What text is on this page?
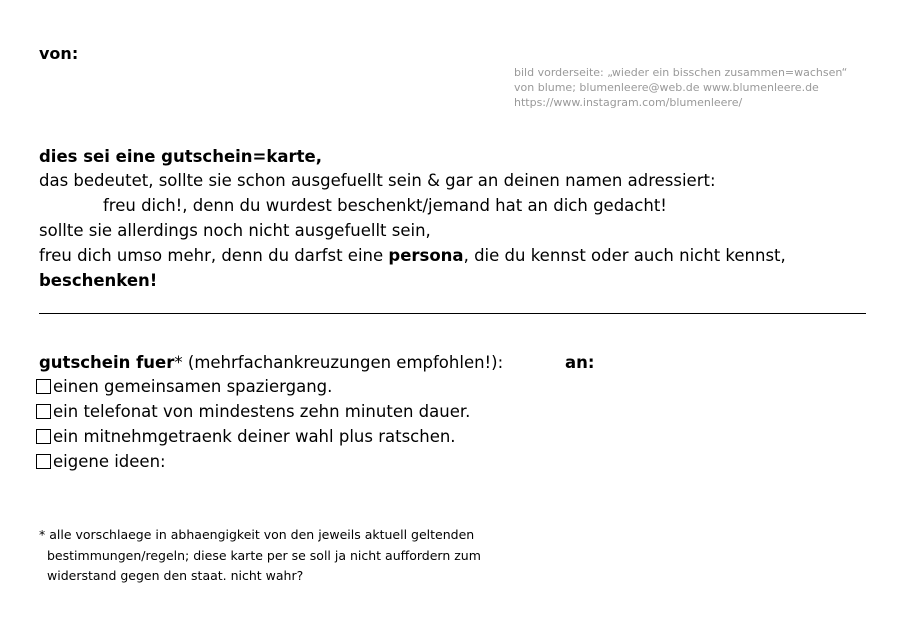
von:
bild vorderseite: „wieder ein bisschen zusammen=wachsen“
von blume; blumenleere@web.de www.blumenleere.de
https://www.instagram.com/blumenleere/
dies sei eine gutschein=karte,
das bedeutet, sollte sie schon ausgefuellt sein & gar an deinen namen adressiert:
freu dich!, denn du wurdest beschenkt/jemand hat an dich gedacht!
sollte sie allerdings noch nicht ausgefuellt sein,
freu dich umso mehr, denn du darfst eine persona, die du kennst oder auch nicht kennst,
beschenken!
gutschein fuer* (mehrfachankreuzungen empfohlen!):	an:
einen gemeinsamen spaziergang.
ein telefonat von mindestens zehn minuten dauer.
ein mitnehmgetraenk deiner wahl plus ratschen.
eigene ideen:
* alle vorschlaege in abhaengigkeit von den jeweils aktuell geltenden
bestimmungen/regeln; diese karte per se soll ja nicht auffordern zum
widerstand gegen den staat. nicht wahr?
